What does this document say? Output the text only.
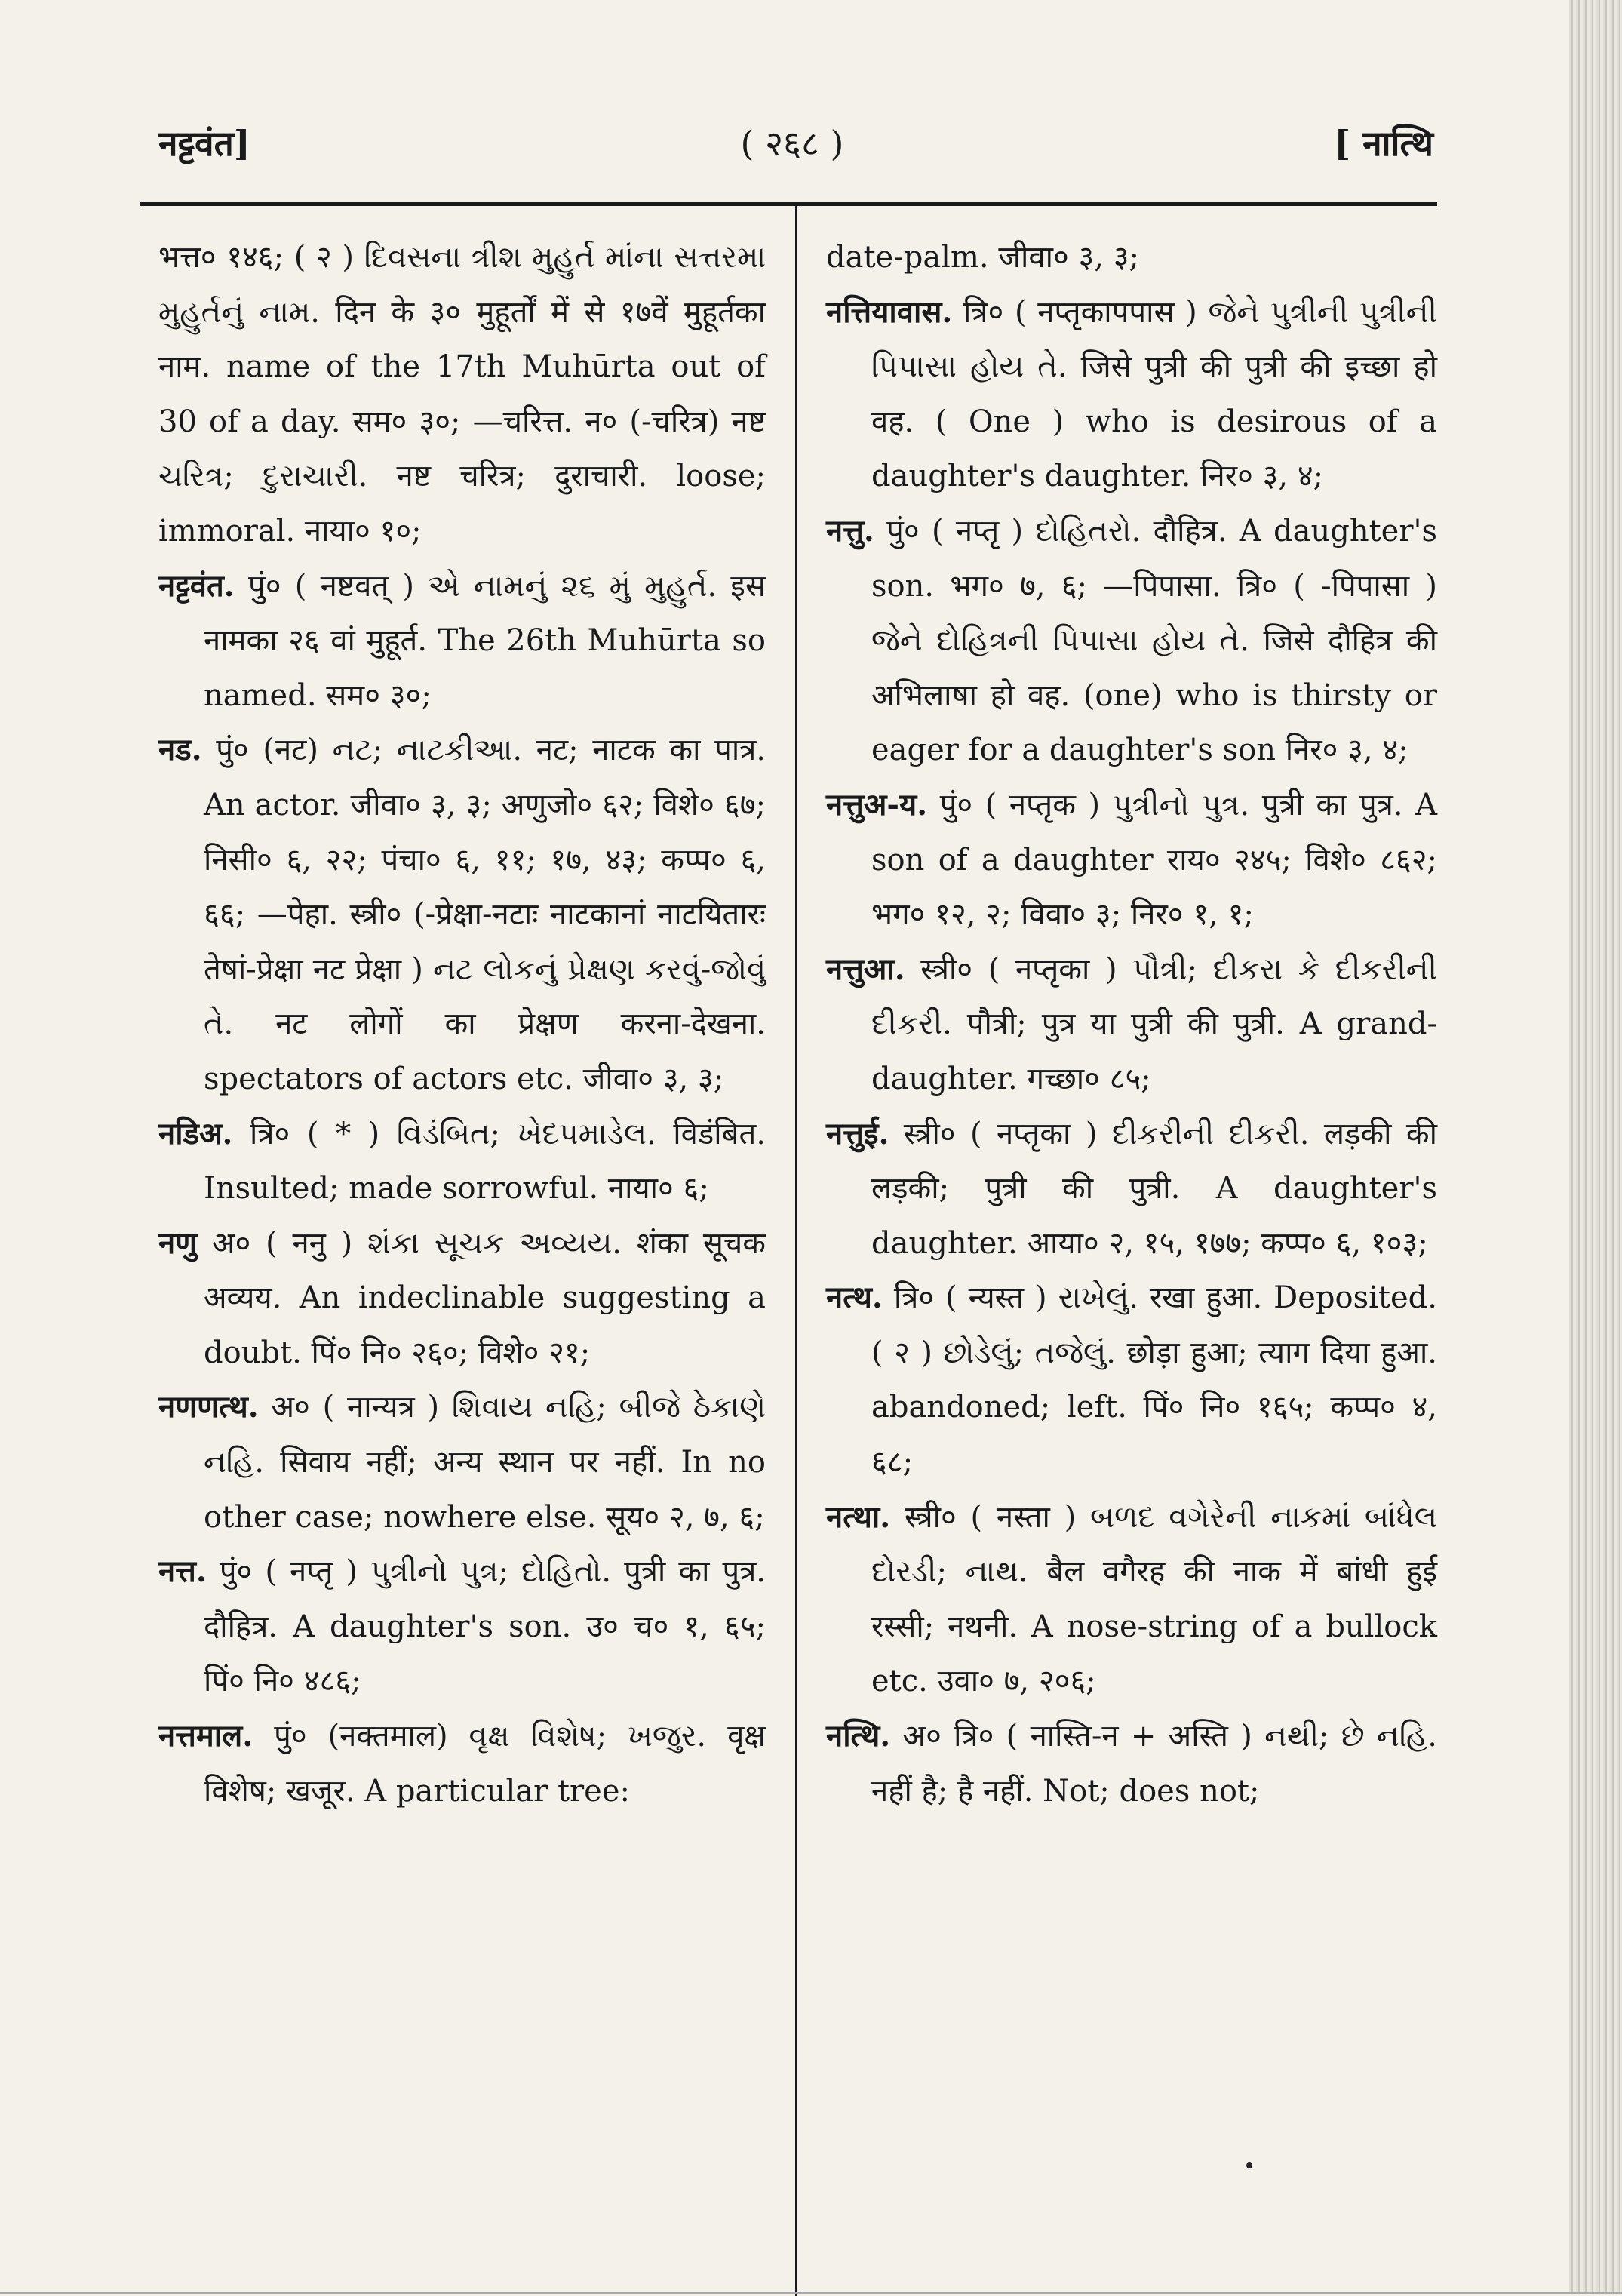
नट्टवंत]	( २६८ )	[ नात्थि

भत्त० १४६; ( २ ) દિવસના ત્રીશ મુહુર્ત માંના સત્તરમા મુહુર્તનું નામ. दिन के ३० मुहूर्तों में से १७वें मुहूर्तका नाम. name of the 17th Muhūrta out of 30 of a day. सम० ३०; —चरित्त. न० (-चरित्र) नष्ट ચરિત્ર; દુરાચારી. नष्ट चरित्र; दुराचारी. loose; immoral. नाया० १०;

नट्टवंत. पुं० ( नष्टवत् ) એ નામનું ૨૬ મું મુહુર્ત. इस नामका २६ वां मुहूर्त. The 26th Muhūrta so named. सम० ३०;

नड. पुं० (नट) નટ; નાટકીઆ. नट; नाटक का पात्र. An actor. जीवा० ३, ३; अणुजो० ६२; विशे० ६७; निसी० ६, २२; पंचा० ६, ११; १७, ४३; कप्प० ६, ६६; —पेहा. स्त्री० (-प्रेक्षा-नटाः नाटकानां नाटयितारः तेषां-प्रेक्षा नट प्रेक्षा ) નટ લોકનું પ્રેક્ષણ કરવું-જોવું તે. नट लोगों का प्रेक्षण करना-देखना. spectators of actors etc. जीवा० ३, ३;

नडिअ. त्रि० ( * ) વિડંબિત; ખેદપમાડેલ. विडंबित. Insulted; made sorrowful. नाया० ६;

नणु अ० ( ननु ) શંકા સૂચક અવ્યય. शंका सूचक अव्यय. An indeclinable suggesting a doubt. पिं० नि० २६०; विशे० २१;

नणणत्थ. अ० ( नान्यत्र ) શિવાય નહિ; બીજે ઠેકાણે નહિ. सिवाय नहीं; अन्य स्थान पर नहीं. In no other case; nowhere else. सूय० २, ७, ६;

नत्त. पुं० ( नप्तृ ) પુત્રીનો પુત્ર; દોહિતો. पुत्री का पुत्र. दौहित्र. A daughter's son. उ० च० १, ६५; पिं० नि० ४८६;

नत्तमाल. पुं० (नक्तमाल) વૃક્ષ વિશેષ; ખજુર. वृक्ष विशेष; खजूर. A particular tree:

date-palm. जीवा० ३, ३;

नत्तियावास. त्रि० ( नप्तृकापपास ) જેને પુત્રીની પુત્રીની પિપાસા હોય તે. जिसे पुत्री की पुत्री की इच्छा हो वह. ( One ) who is desirous of a daughter's daughter. निर० ३, ४;

नत्तु. पुं० ( नप्तृ ) દોહિતરો. दौहित्र. A daughter's son. भग० ७, ६; —पिपासा. त्रि० ( -पिपासा ) જેને દોહિત્રની પિપાસા હોય તે. जिसे दौहित्र की अभिलाषा हो वह. (one) who is thirsty or eager for a daughter's son निर० ३, ४;

नत्तुअ-य. पुं० ( नप्तृक ) પુત્રીનો પુત્ર. पुत्री का पुत्र. A son of a daughter राय० २४५; विशे० ८६२; भग० १२, २; विवा० ३; निर० १, १;

नत्तुआ. स्त्री० ( नप्तृका ) પૌત્રી; દીકરા કે દીકરીની દીકરી. पौत्री; पुत्र या पुत्री की पुत्री. A grand-daughter. गच्छा० ८५;

नत्तुई. स्त्री० ( नप्तृका ) દીકરીની દીકરી. लड़की की लड़की; पुत्री की पुत्री. A daughter's daughter. आया० २, १५, १७७; कप्प० ६, १०३;

नत्थ. त्रि० ( न्यस्त ) રાખેલું. रखा हुआ. Deposited. ( २ ) છોડેલું; તજેલું. छोड़ा हुआ; त्याग दिया हुआ. abandoned; left. पिं० नि० १६५; कप्प० ४, ६८;

नत्था. स्त्री० ( नस्ता ) બળદ વગેરેની નાકમાં બાંધેલ દોરડી; નાથ. बैल वगैरह की नाक में बांधी हुई रस्सी; नथनी. A nose-string of a bullock etc. उवा० ७, २०६;

नत्थि. अ० त्रि० ( नास्ति-न + अस्ति ) નથી; છે નહિ. नहीं है; है नहीं. Not; does not;
